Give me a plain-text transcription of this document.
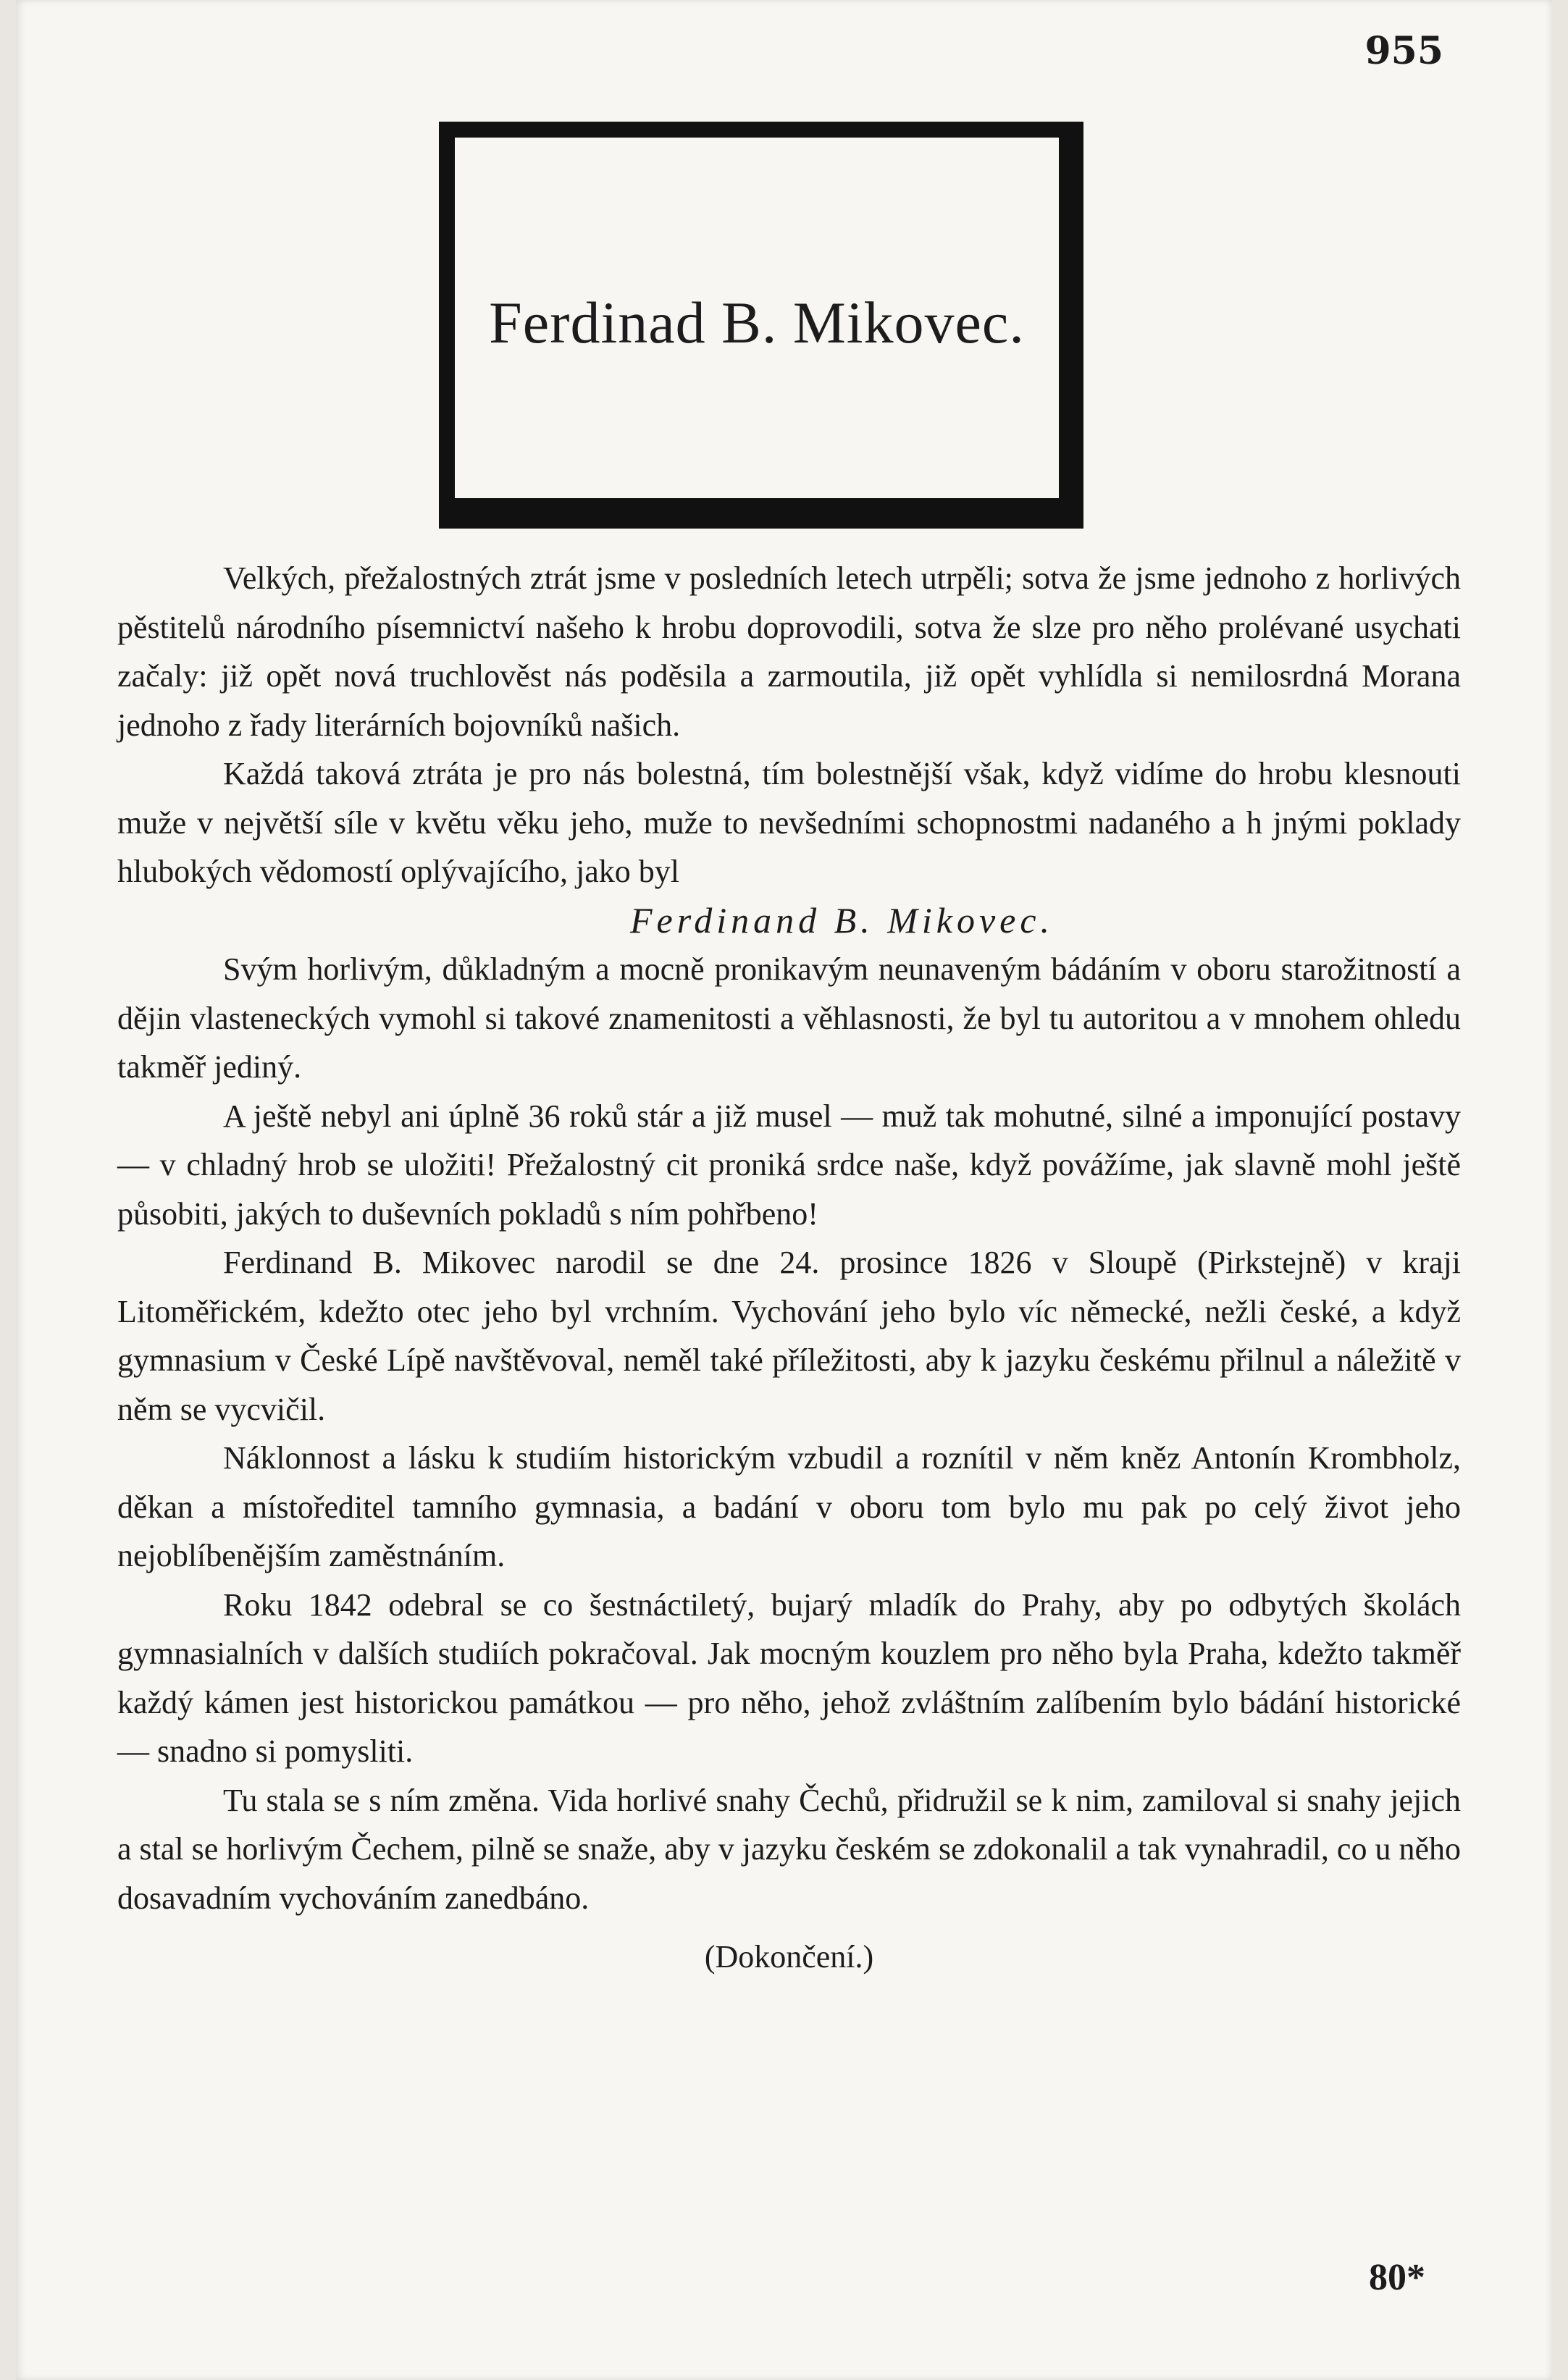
955
Ferdinad B. Mikovec.

Velkých, přežalostných ztrát jsme v posledních letech utrpěli; sotva že jsme jednoho z horlivých pěstitelů národního písemnictví našeho k hrobu doprovodili, sotva že slze pro něho prolévané usychati začaly: již opět nová truchlověst nás poděsila a zarmoutila, již opět vyhlídla si nemilosrdná Morana jednoho z řady literárních bojovníků našich.

Každá taková ztráta je pro nás bolestná, tím bolestnější však, když vidíme do hrobu klesnouti muže v největší síle v květu věku jeho, muže to nevšedními schopnostmi nadaného a h jnými poklady hlubokých vědomostí oplývajícího, jako byl

Ferdinand B. Mikovec.

Svým horlivým, důkladným a mocně pronikavým neunaveným bádáním v oboru starožitností a dějin vlasteneckých vymohl si takové znamenitosti a věhlasnosti, že byl tu autoritou a v mnohem ohledu takměř jediný.

A ještě nebyl ani úplně 36 roků stár a již musel — muž tak mohutné, silné a imponující postavy — v chladný hrob se uložiti! Přežalostný cit proniká srdce naše, když povážíme, jak slavně mohl ještě působiti, jakých to duševních pokladů s ním pohřbeno!

Ferdinand B. Mikovec narodil se dne 24. prosince 1826 v Sloupě (Pirkstejně) v kraji Litoměřickém, kdežto otec jeho byl vrchním. Vychování jeho bylo víc německé, nežli české, a když gymnasium v České Lípě navštěvoval, neměl také příležitosti, aby k jazyku českému přilnul a náležitě v něm se vycvičil.

Náklonnost a lásku k studiím historickým vzbudil a roznítil v něm kněz Antonín Krombholz, děkan a místoředitel tamního gymnasia, a badání v oboru tom bylo mu pak po celý život jeho nejoblíbenějším zaměstnáním.

Roku 1842 odebral se co šestnáctiletý, bujarý mladík do Prahy, aby po odbytých školách gymnasialních v dalších studiích pokračoval. Jak mocným kouzlem pro něho byla Praha, kdežto takměř každý kámen jest historickou památkou — pro něho, jehož zvláštním zalíbením bylo bádání historické — snadno si pomysliti.

Tu stala se s ním změna. Vida horlivé snahy Čechů, přidružil se k nim, zamiloval si snahy jejich a stal se horlivým Čechem, pilně se snaže, aby v jazyku českém se zdokonalil a tak vynahradil, co u něho dosavadním vychováním zanedbáno.

(Dokončení.)

80*
